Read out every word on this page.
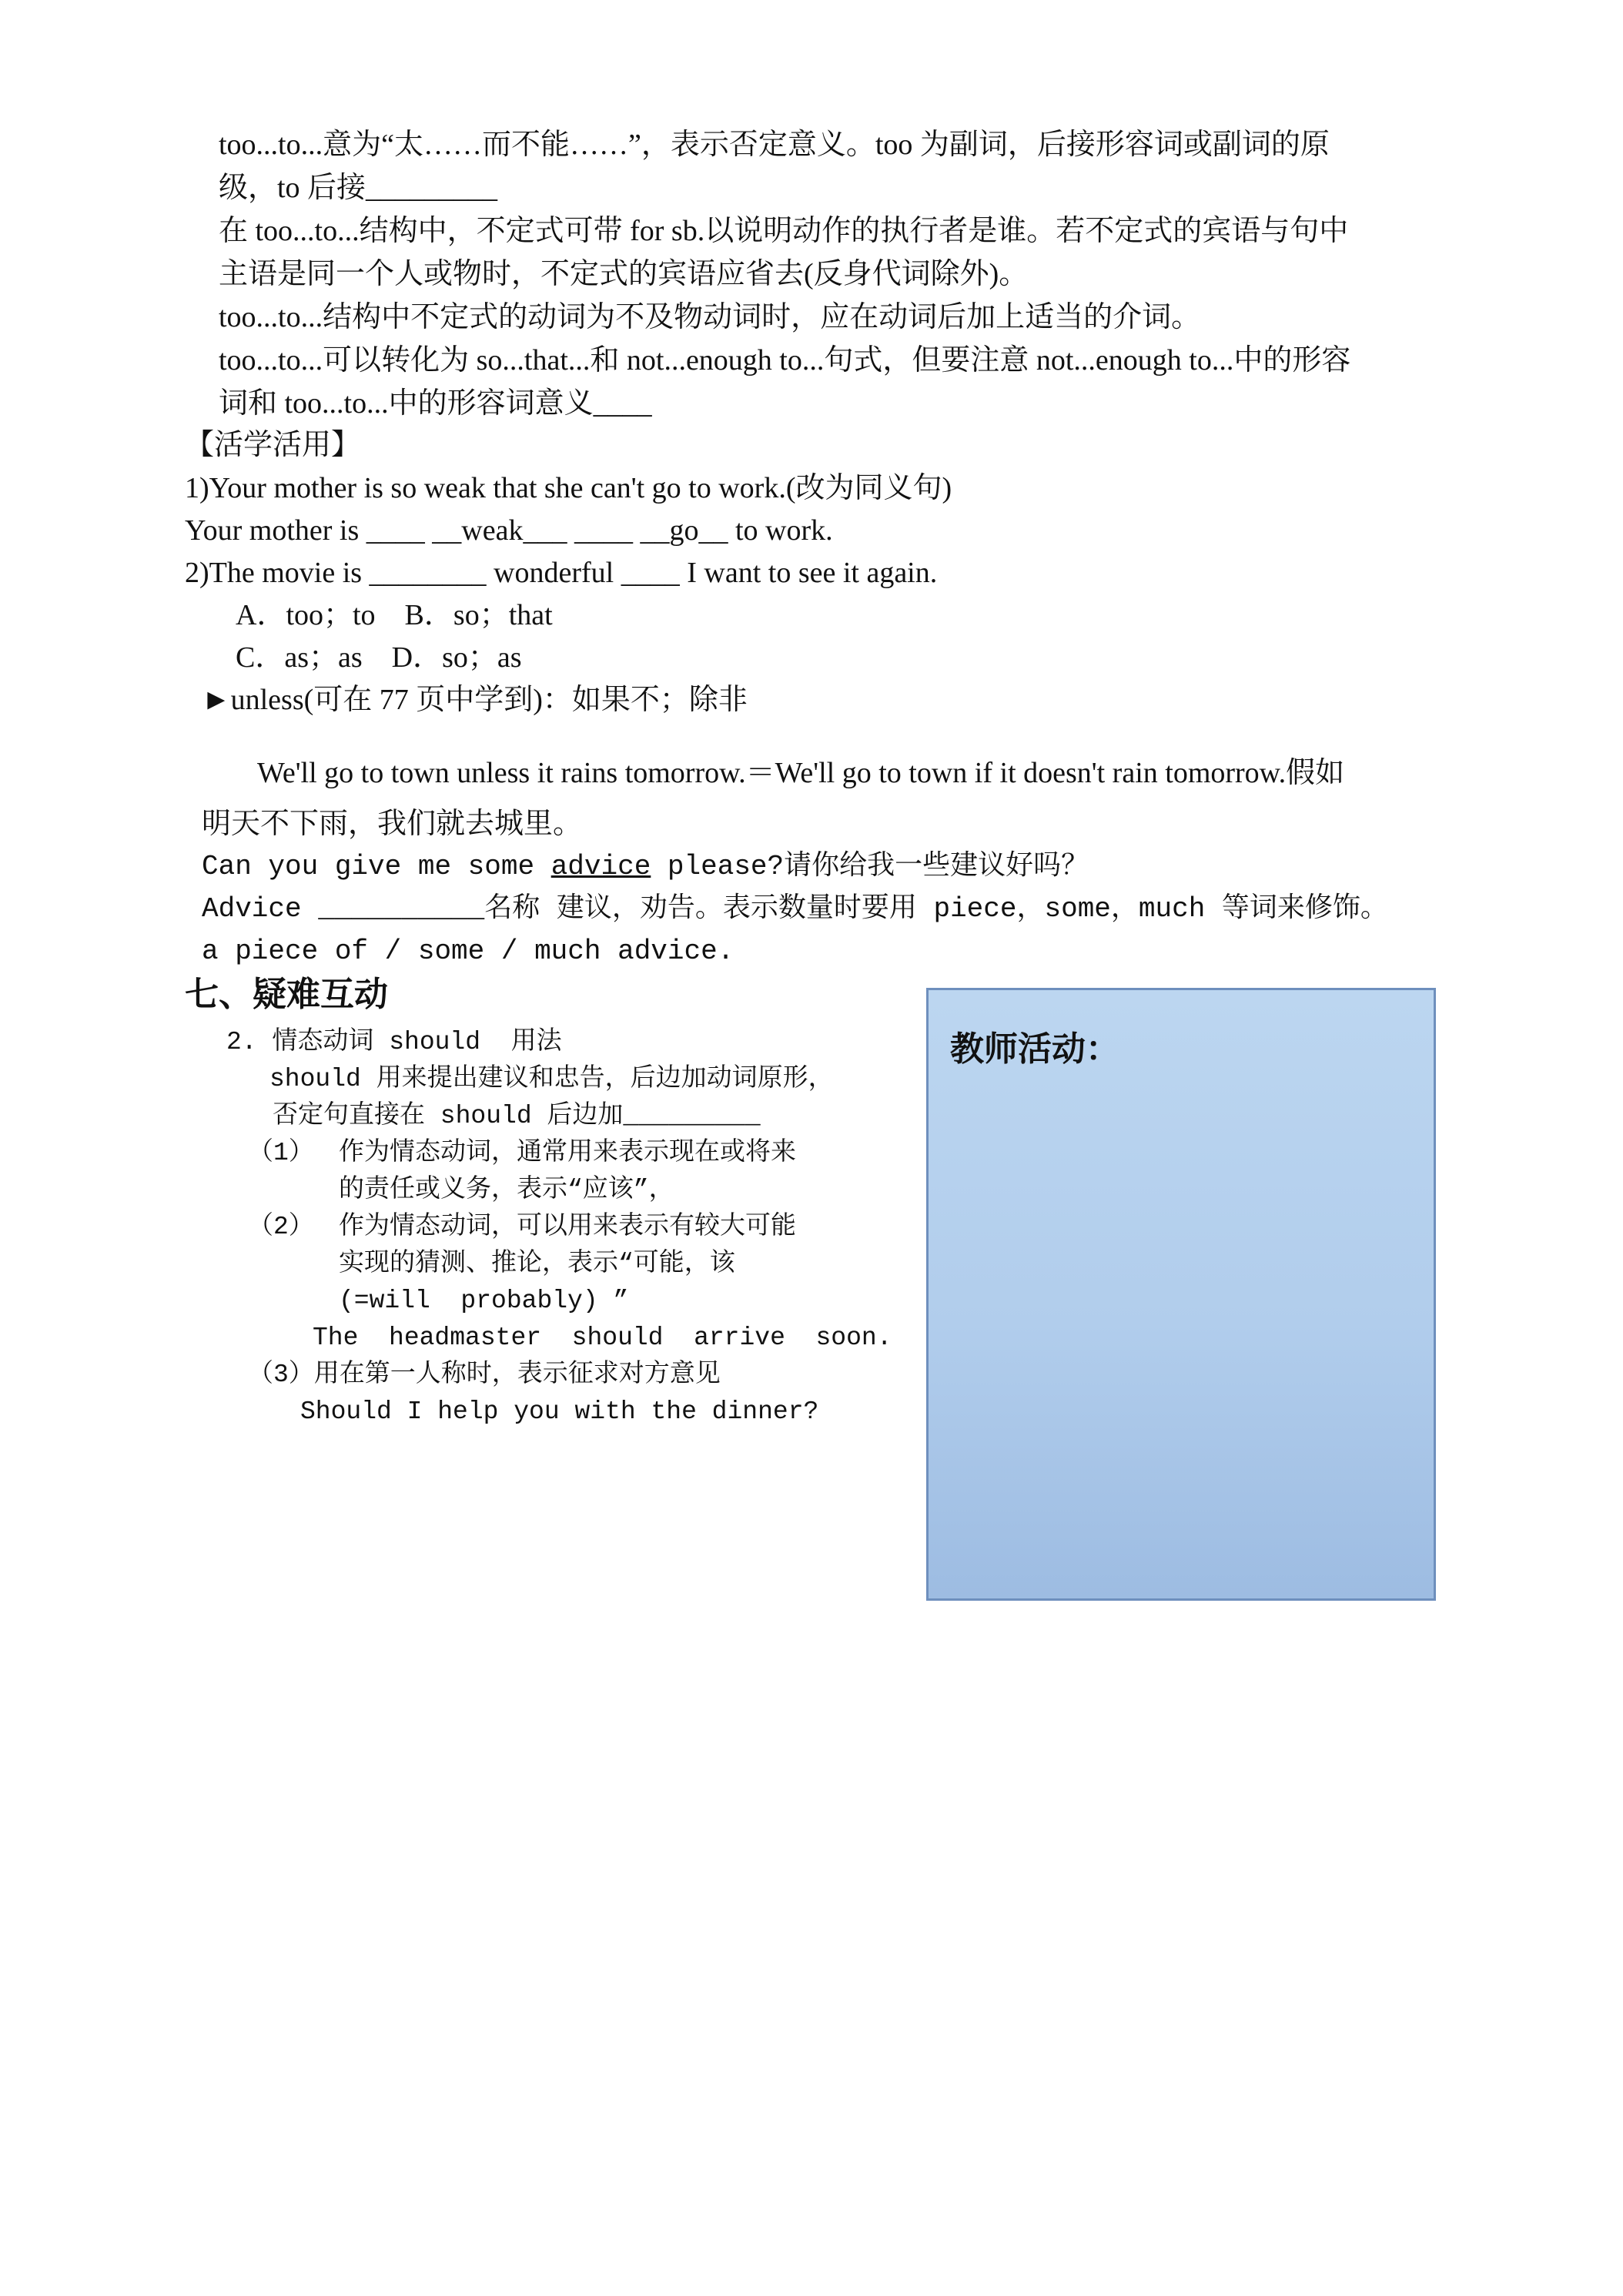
too...to...意为“太……而不能……”，表示否定意义。too 为副词，后接形容词或副词的原
级，to 后接_________
在 too...to...结构中，不定式可带 for sb.以说明动作的执行者是谁。若不定式的宾语与句中
主语是同一个人或物时，不定式的宾语应省去(反身代词除外)。
too...to...结构中不定式的动词为不及物动词时，应在动词后加上适当的介词。
too...to...可以转化为 so...that...和 not...enough to...句式，但要注意 not...enough to...中的形容
词和 too...to...中的形容词意义____
【活学活用】
1)Your mother is so weak that she can't go to work.(改为同义句)
Your mother is ____ __weak___ ____ __go__ to work.
2)The movie is ________ wonderful ____ I want to see it again.
A．too；to    B．so；that
C．as；as    D．so；as
►unless(可在 77 页中学到)：如果不；除非
We'll go to town unless it rains tomorrow.＝We'll go to town if it doesn't rain tomorrow.假如
明天不下雨，我们就去城里。
Can you give me some advice please?请你给我一些建议好吗？
Advice __________名称 建议，劝告。表示数量时要用 piece，some，much 等词来修饰。
a piece of / some / much advice.
七、疑难互动
2. 情态动词 should  用法
should 用来提出建议和忠告，后边加动词原形，
否定句直接在 should 后边加_________
（1） 作为情态动词，通常用来表示现在或将来
的责任或义务，表示“应该”，
（2） 作为情态动词，可以用来表示有较大可能
实现的猜测、推论，表示“可能，该
(=will  probably) ”
The  headmaster  should  arrive  soon.
（3）用在第一人称时，表示征求对方意见
Should I help you with the dinner?
教师活动：
